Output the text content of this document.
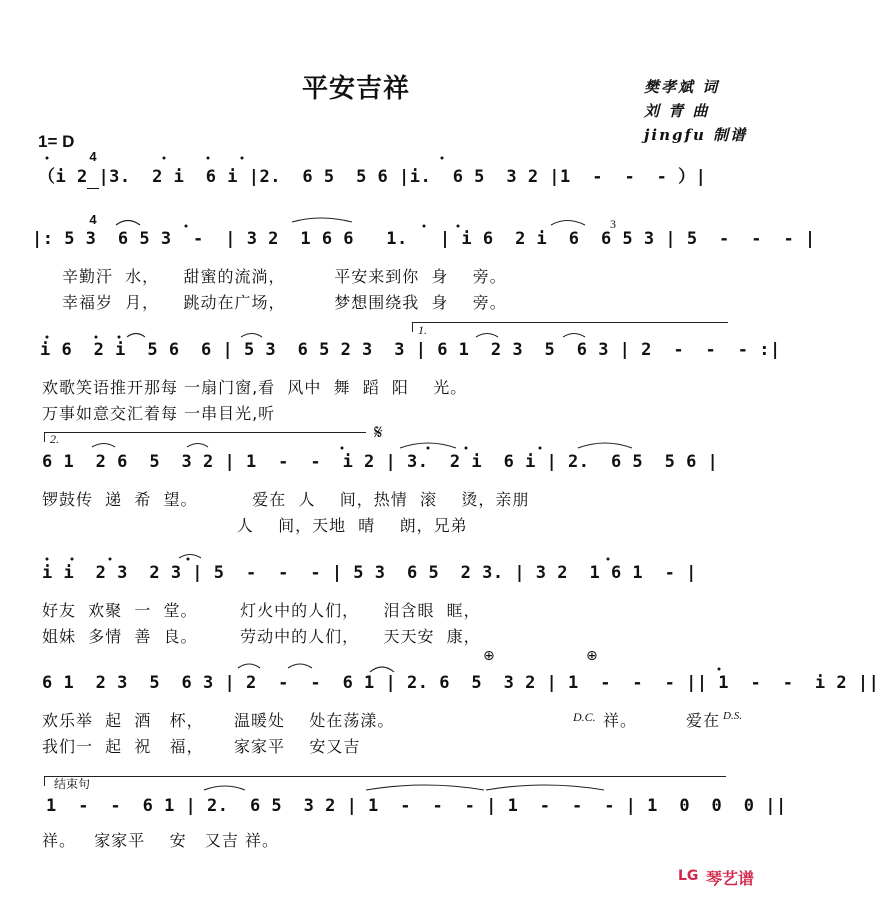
平安吉祥	樊孝斌 词
刘 青 曲
jingfu 制谱
1= D

4

4

（i 2 |3.  2 i  6 i |2.  6 5  5 6 |i.  6 5  3 2 |1  -  -  - ）|
|: 5 3  6 5 3  -  | 3 2  1 6 6   1.   | i 6  2 i  6  6 5 3 | 5  -  -  - |
辛勤汗  水，    甜蜜的流淌，        平安来到你  身    旁。
幸福岁  月，    跳动在广场，        梦想围绕我  身    旁。
3
1.
i 6  2 i  5 6  6 | 5 3  6 5 2 3  3 | 6 1  2 3  5  6 3 | 2  -  -  - :|
欢歌笑语推开那每 一扇门窗,看  风中  舞  蹈  阳    光。
万事如意交汇着每 一串目光,听
2.	𝄋
6 1  2 6  5  3 2 | 1  -  -  i 2 | 3.  2 i  6 i | 2.  6 5  5 6 |
锣鼓传  递  希  望。         爱在  人    间，热情  滚    烫，亲朋
人    间，天地  晴    朗，兄弟
i i  2 3  2 3 | 5  -  -  - | 5 3  6 5  2 3. | 3 2  1 6 1  - |
好友  欢聚  一  堂。       灯火中的人们，    泪含眼  眶，
姐妹  多情  善  良。       劳动中的人们，    天天安  康，
⊕	⊕
6 1  2 3  5  6 3 | 2  -  -  6 1 | 2. 6  5  3 2 | 1  -  -  - || 1  -  -  i 2 ||
欢乐举  起  酒   杯，     温暖处    处在荡漾。
我们一  起  祝   福，     家家平    安又吉
D.C. 祥。	爱在 D.S.
结束句
1  -  -  6 1 | 2.  6 5  3 2 | 1  -  -  - | 1  -  -  - | 1  0  0  0 ||
祥。   家家平    安   又吉 祥。
LG 琴艺谱
